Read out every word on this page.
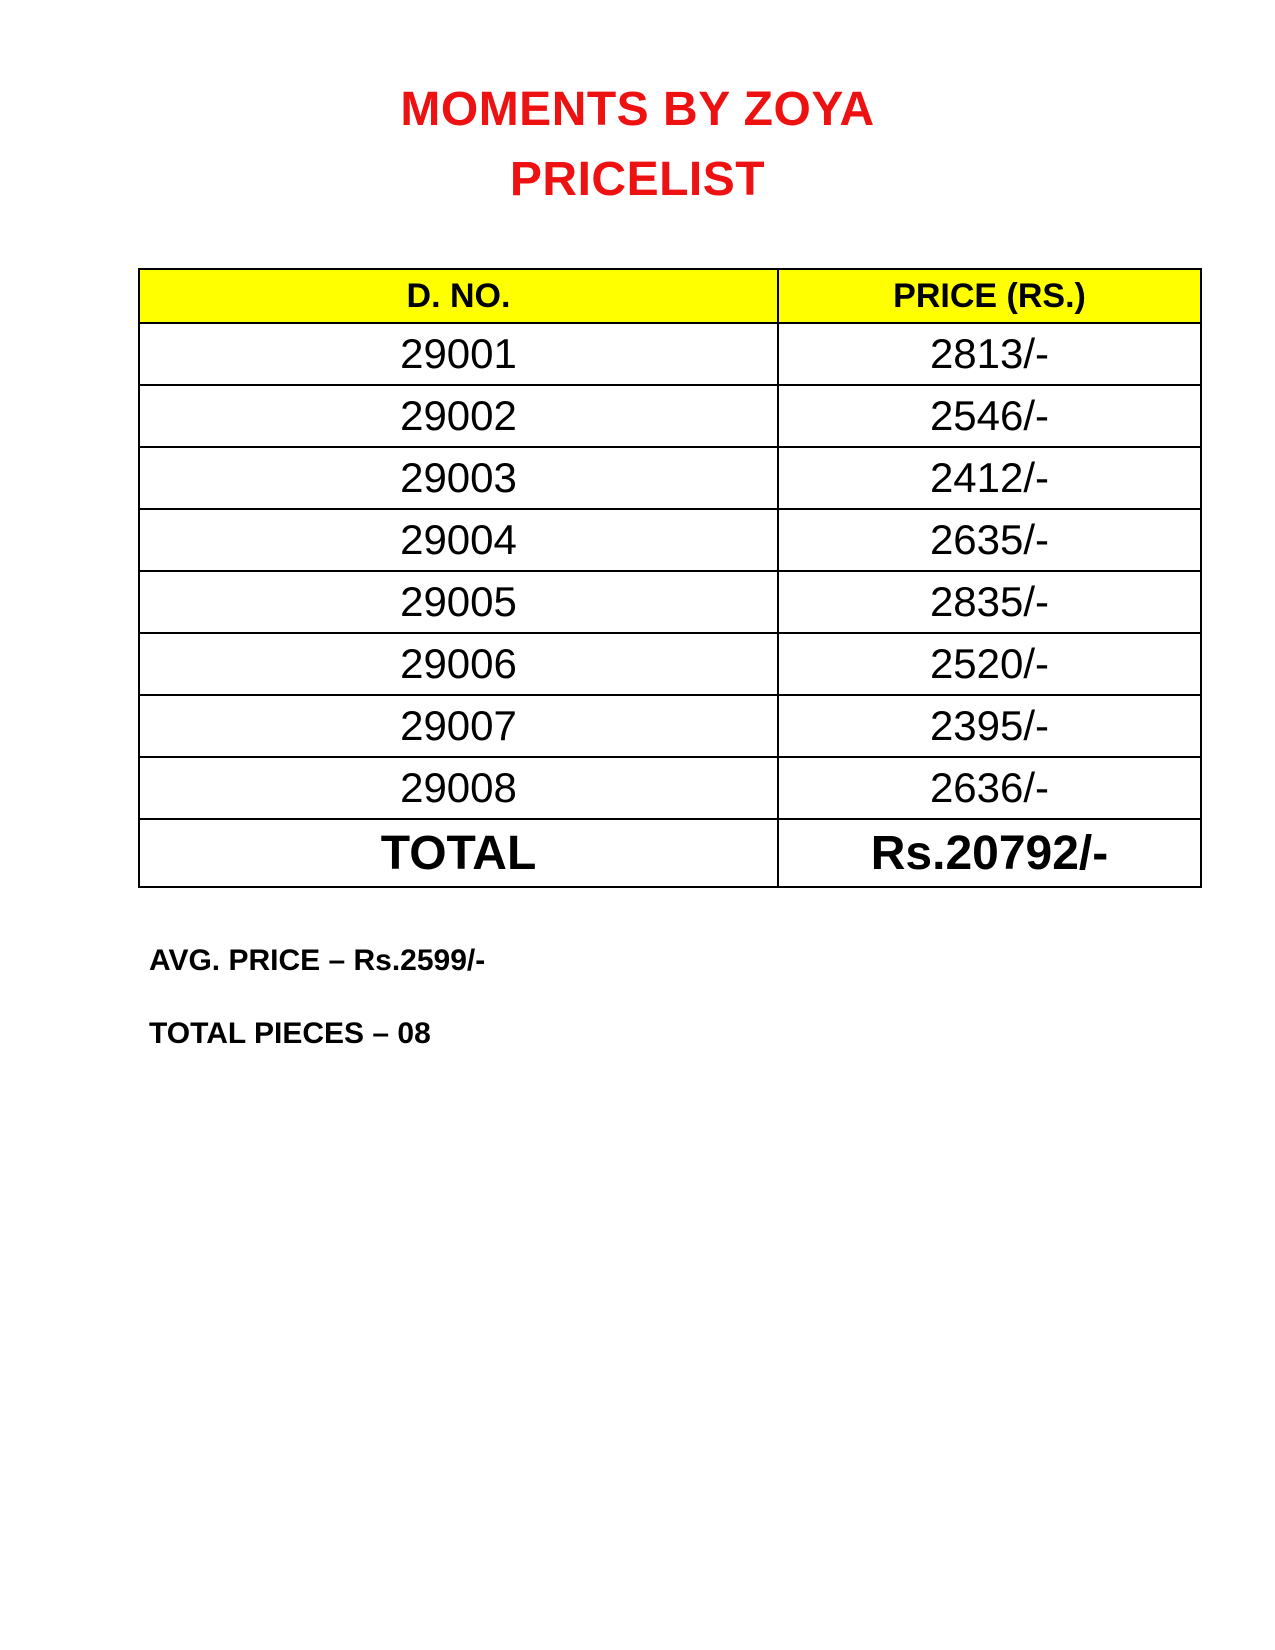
MOMENTS BY ZOYA
PRICELIST
D. NO.	PRICE (RS.)
29001	2813/-
29002	2546/-
29003	2412/-
29004	2635/-
29005	2835/-
29006	2520/-
29007	2395/-
29008	2636/-
TOTAL	Rs.20792/-
AVG. PRICE – Rs.2599/-
TOTAL PIECES – 08
